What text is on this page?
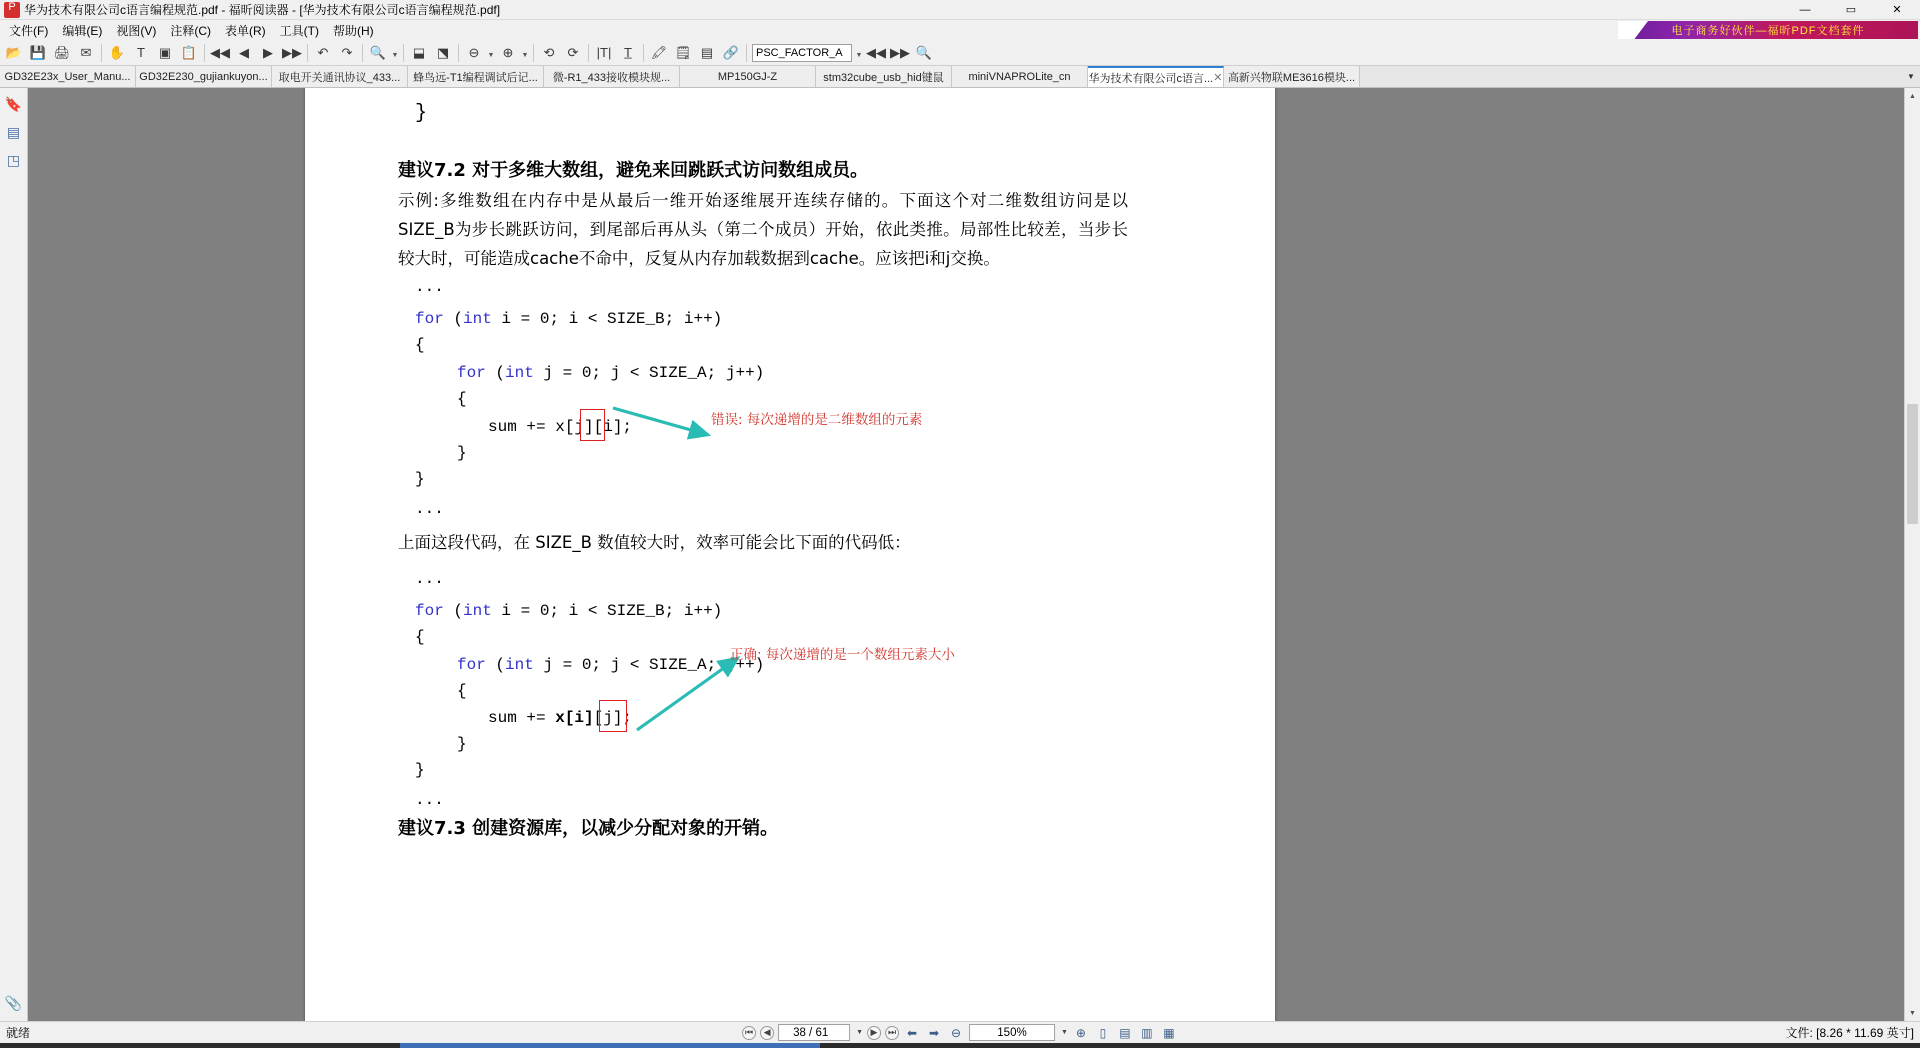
P
华为技术有限公司c语言编程规范.pdf - 福昕阅读器 - [华为技术有限公司c语言编程规范.pdf]	—	▭	✕
文件(F)	编辑(E)	视图(V)	注释(C)	表单(R)	工具(T)	帮助(H)	电子商务好伙伴—福昕PDF文档套件
📂 💾 🖨 ✉	✋ T	▣ 📋 ◀◀ ◀	▶ ▶▶	↶	↷	🔍 ▼	⬓ ⬔	⊖	▼ ⊕	▼	⟲	⟳	|T| T̲	🖍 🗒 ▤ 🔗	PSC_FACTOR_A	▼ ◀◀ ▶▶ 🔍
GD32E23x_User_Manu... GD32E230_gujiankuyon... 取电开关通讯协议_433... 蜂鸟远-T1编程调试后记... 微-R1_433接收模块规...	MP150GJ-Z	stm32cube_usb_hid键鼠 miniVNAPROLite_cn 华为技术有限公司c语言... ✕ 高新兴物联ME3616模块...	▼
🔖
▤
◳
📎
}
建议7.2 对于多维大数组，避免来回跳跃式访问数组成员。
示例:多维数组在内存中是从最后一维开始逐维展开连续存储的。下面这个对二维数组访问是以SIZE_B为步长跳跃访问，到尾部后再从头（第二个成员）开始，依此类推。局部性比较差，当步长较大时，可能造成cache不命中，反复从内存加载数据到cache。应该把i和j交换。
...
for (int i = 0; i < SIZE_B; i++)
{
for (int j = 0; j < SIZE_A; j++)
{
sum += x[j][i];
}
}
...
错误: 每次递增的是二维数组的元素
上面这段代码，在 SIZE_B 数值较大时，效率可能会比下面的代码低：
...
for (int i = 0; i < SIZE_B; i++)
{
for (int j = 0; j < SIZE_A; j++)
{
sum += x[i][j];
}
}
...
正确: 每次递增的是一个数组元素大小
建议7.3 创建资源库，以减少分配对象的开销。
▲
▼
就绪	⏮	◀	38 / 61	▼ ▶	⏭ ⬅ ➡ ⊖	150%	▼ ⊕	▯	▤ ▥ ▦	文件: [8.26 * 11.69 英寸]
